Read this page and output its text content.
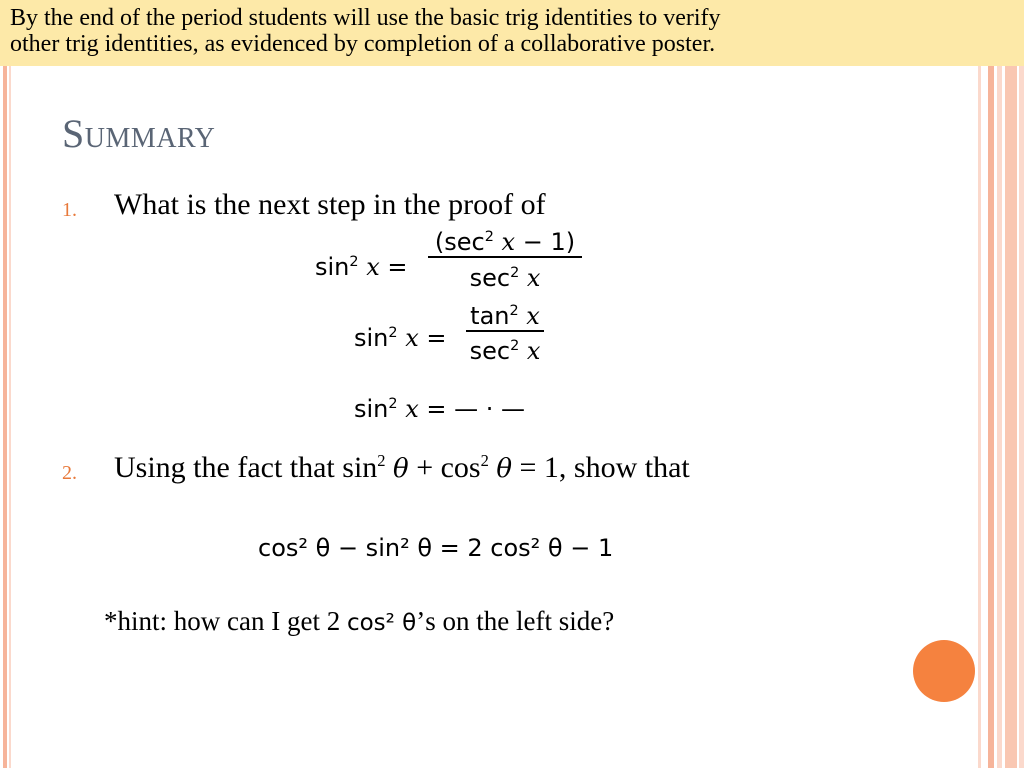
By the end of the period students will use the basic trig identities to verify
other trig identities, as evidenced by completion of a collaborative poster.
Summary
1. What is the next step in the proof of
$\sin^2 x$ =
($\sec^2$ x − 1)
$\sec^2 x$
$\sin^2 x$ =
$\tan^2 x$
$\sec^2 x$
$\sin^2 x$ = — · —
2. Using the fact that $\sin^2 \theta + \cos^2 \theta = 1$, show that
cos² θ − sin² θ = 2 cos² θ − 1
*hint: how can I get 2 cos² θ’s on the left side?
